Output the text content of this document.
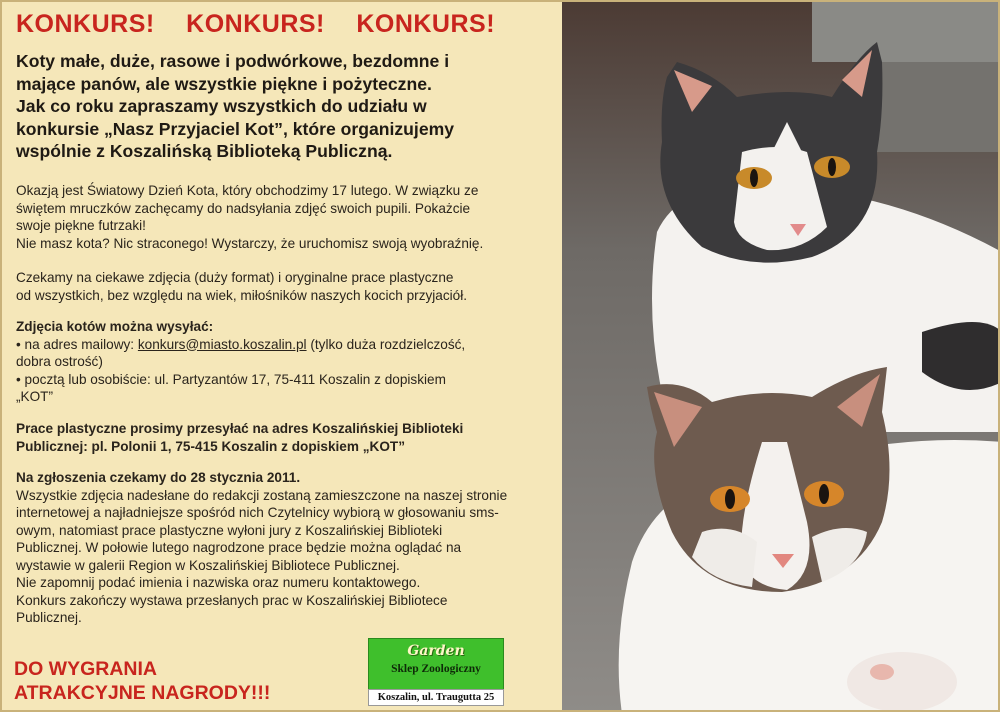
KONKURS! KONKURS! KONKURS!
Koty małe, duże, rasowe i podwórkowe, bezdomne i
mające panów, ale wszystkie piękne i pożyteczne.
Jak co roku zapraszamy wszystkich do udziału w
konkursie „Nasz Przyjaciel Kot”, które organizujemy
wspólnie z Koszalińską Biblioteką Publiczną.
Okazją jest Światowy Dzień Kota, który obchodzimy 17 lutego. W związku ze
świętem mruczków zachęcamy do nadsyłania zdjęć swoich pupili. Pokażcie
swoje piękne futrzaki!
Nie masz kota? Nic straconego! Wystarczy, że uruchomisz swoją wyobraźnię.
Czekamy na ciekawe zdjęcia (duży format) i oryginalne prace plastyczne
od wszystkich, bez względu na wiek, miłośników naszych kocich przyjaciół.
Zdjęcia kotów można wysyłać:
• na adres mailowy: konkurs@miasto.koszalin.pl (tylko duża rozdzielczość,
dobra ostrość)
• pocztą lub osobiście: ul. Partyzantów 17, 75-411 Koszalin z dopiskiem
„KOT”
Prace plastyczne prosimy przesyłać na adres Koszalińskiej Biblioteki
Publicznej: pl. Polonii 1, 75-415 Koszalin z dopiskiem „KOT”
Na zgłoszenia czekamy do 28 stycznia 2011.
Wszystkie zdjęcia nadesłane do redakcji zostaną zamieszczone na naszej stronie
internetowej a najładniejsze spośród nich Czytelnicy wybiorą w głosowaniu sms-
owym, natomiast prace plastyczne wyłoni jury z Koszalińskiej Biblioteki
Publicznej. W połowie lutego nagrodzone prace będzie można oglądać na
wystawie w galerii Region w Koszalińskiej Bibliotece Publicznej.
Nie zapomnij podać imienia i nazwiska oraz numeru kontaktowego.
Konkurs zakończy wystawa przesłanych prac w Koszalińskiej Bibliotece
Publicznej.
DO WYGRANIA
ATRAKCYJNE NAGRODY!!!
Garden
Sklep Zoologiczny
Koszalin, ul. Traugutta 25
